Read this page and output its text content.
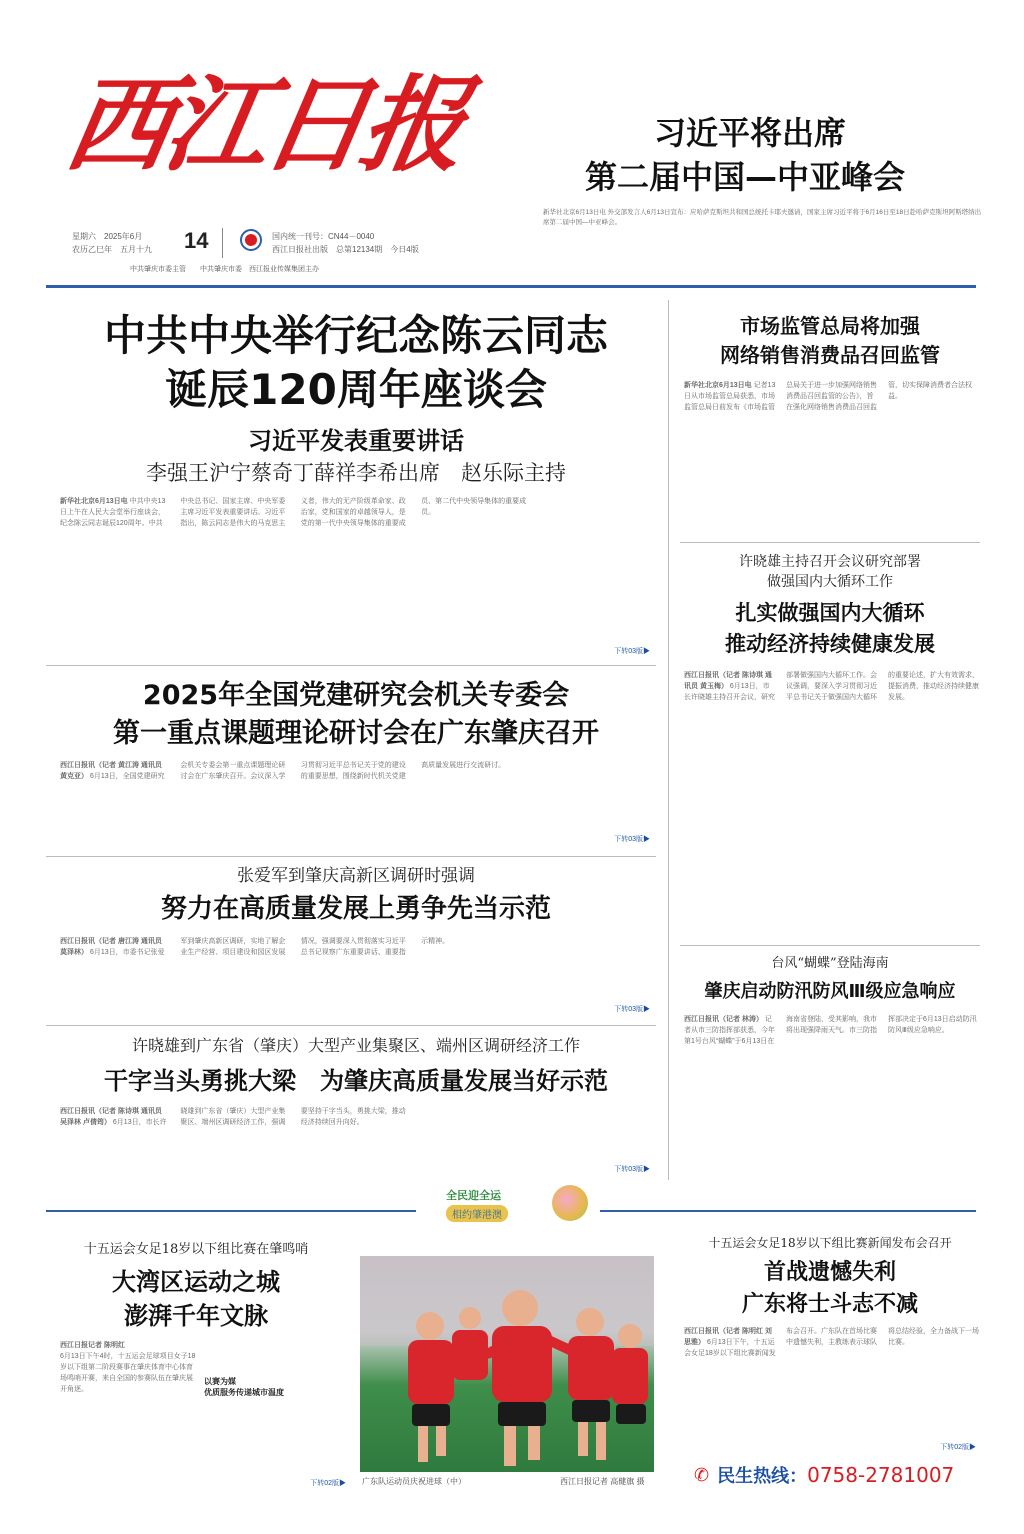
西江日报
星期六　2025年6月
农历乙巳年　五月十九 14	国内统一刊号：CN44－0040
西江日报社出版　总第12134期　今日4版
中共肇庆市委主管　　中共肇庆市委　西江报业传媒集团主办
习近平将出席
第二届中国—中亚峰会
新华社北京6月13日电 外交部发言人6月13日宣布：应哈萨克斯坦共和国总统托卡耶夫邀请，国家主席习近平将于6月16日至18日赴哈萨克斯坦阿斯塔纳出席第二届中国—中亚峰会。
中共中央举行纪念陈云同志
诞辰120周年座谈会
习近平发表重要讲话
李强王沪宁蔡奇丁薛祥李希出席　赵乐际主持

新华社北京6月13日电 中共中央13日上午在人民大会堂举行座谈会，纪念陈云同志诞辰120周年。中共中央总书记、国家主席、中央军委主席习近平发表重要讲话。习近平指出，陈云同志是伟大的马克思主义者，伟大的无产阶级革命家、政治家，党和国家的卓越领导人，是党的第一代中央领导集体的重要成员、第二代中央领导集体的重要成员。

下转03版▶
2025年全国党建研究会机关专委会
第一重点课题理论研讨会在广东肇庆召开

西江日报讯（记者 黄江涛 通讯员 黄克亚） 6月13日，全国党建研究会机关专委会第一重点课题理论研讨会在广东肇庆召开。会议深入学习贯彻习近平总书记关于党的建设的重要思想，围绕新时代机关党建高质量发展进行交流研讨。

下转03版▶
张爱军到肇庆高新区调研时强调
努力在高质量发展上勇争先当示范

西江日报讯（记者 唐江涛 通讯员 莫泽林） 6月13日，市委书记张爱军到肇庆高新区调研，实地了解企业生产经营、项目建设和园区发展情况，强调要深入贯彻落实习近平总书记视察广东重要讲话、重要指示精神。

下转03版▶
许晓雄到广东省（肇庆）大型产业集聚区、端州区调研经济工作
干字当头勇挑大梁　为肇庆高质量发展当好示范

西江日报讯（记者 陈诗琪 通讯员 吴泽林 卢倩筠） 6月13日，市长许晓雄到广东省（肇庆）大型产业集聚区、端州区调研经济工作，强调要坚持干字当头，勇挑大梁，推动经济持续回升向好。

下转03版▶
市场监管总局将加强
网络销售消费品召回监管

新华社北京6月13日电 记者13日从市场监管总局获悉，市场监管总局日前发布《市场监管总局关于进一步加强网络销售消费品召回监管的公告》，旨在强化网络销售消费品召回监管，切实保障消费者合法权益。

许晓雄主持召开会议研究部署
做强国内大循环工作
扎实做强国内大循环
推动经济持续健康发展

西江日报讯（记者 陈诗琪 通讯员 黄玉梅） 6月13日，市长许晓雄主持召开会议，研究部署做强国内大循环工作。会议强调，要深入学习贯彻习近平总书记关于做强国内大循环的重要论述，扩大有效需求，提振消费，推动经济持续健康发展。

台风“蝴蝶”登陆海南
肇庆启动防汛防风Ⅲ级应急响应

西江日报讯（记者 林涛） 记者从市三防指挥部获悉，今年第1号台风“蝴蝶”于6月13日在海南省登陆，受其影响，我市将出现强降雨天气。市三防指挥部决定于6月13日启动防汛防风Ⅲ级应急响应。

全民迎全运
相约肇港澳
十五运会女足18岁以下组比赛在肇鸣哨
大湾区运动之城
澎湃千年文脉

西江日报记者 陈明红

6月13日下午4时，十五运会足球项目女子18岁以下组第二阶段赛事在肇庆体育中心体育场鸣哨开赛，来自全国的参赛队伍在肇庆展开角逐。

以赛为媒
优质服务传递城市温度
下转02版▶ 广东队运动员庆祝进球（中）	西江日报记者 高健旗 摄
十五运会女足18岁以下组比赛新闻发布会召开
首战遗憾失利
广东将士斗志不减

西江日报讯（记者 陈明红 刘思雅） 6月13日下午，十五运会女足18岁以下组比赛新闻发布会召开。广东队在首场比赛中遗憾失利，主教练表示球队将总结经验，全力备战下一场比赛。

下转02版▶
✆ 民生热线：0758-2781007
